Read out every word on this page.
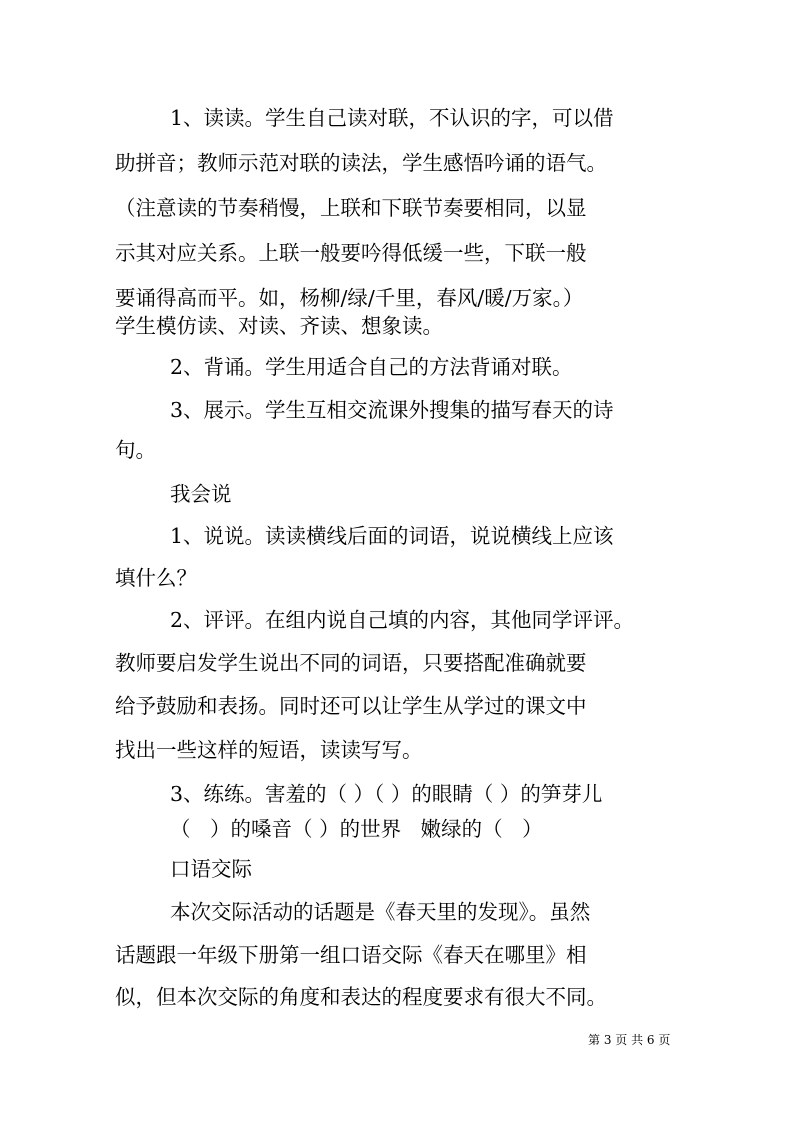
1、读读。学生自己读对联，不认识的字，可以借
助拼音；教师示范对联的读法，学生感悟吟诵的语气。
（注意读的节奏稍慢，上联和下联节奏要相同，以显
示其对应关系。上联一般要吟得低缓一些，下联一般
要诵得高而平。如，杨柳/绿/千里，春风/暖/万家。）
学生模仿读、对读、齐读、想象读。
2、背诵。学生用适合自己的方法背诵对联。
3、展示。学生互相交流课外搜集的描写春天的诗
句。
我会说
1、说说。读读横线后面的词语，说说横线上应该
填什么？
2、评评。在组内说自己填的内容，其他同学评评。
教师要启发学生说出不同的词语，只要搭配准确就要
给予鼓励和表扬。同时还可以让学生从学过的课文中
找出一些这样的短语，读读写写。
3、练练。害羞的（ ）（ ）的眼睛（ ）的笋芽儿
（   ）的嗓音（ ）的世界   嫩绿的（   ）
口语交际
本次交际活动的话题是《春天里的发现》。虽然
话题跟一年级下册第一组口语交际《春天在哪里》相
似，但本次交际的角度和表达的程度要求有很大不同。
第 3 页 共 6 页
